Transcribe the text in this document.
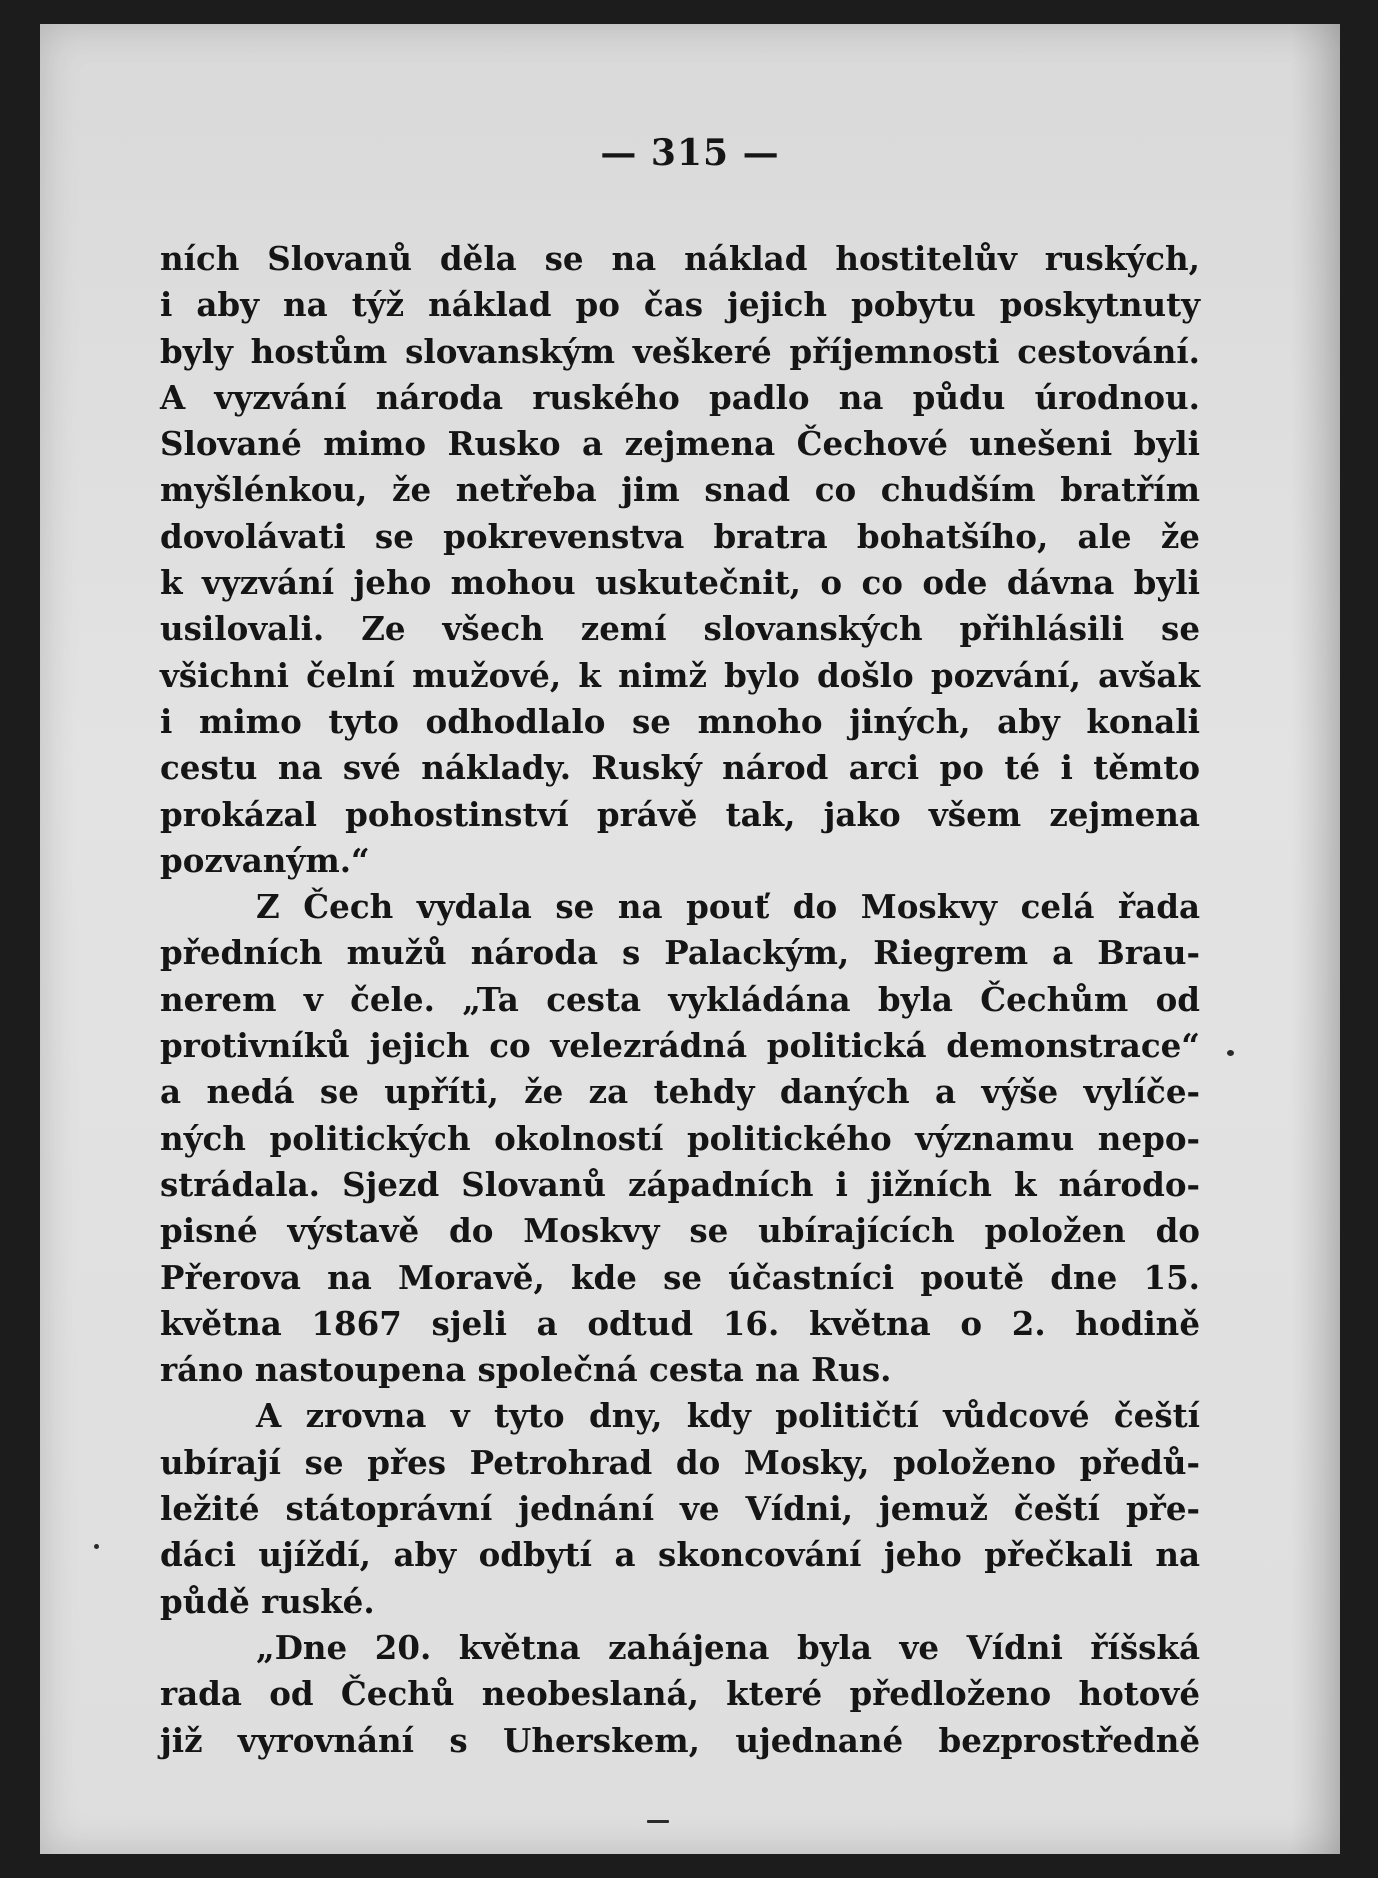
— 315 —
ních Slovanů děla se na náklad hostitelův ruských,
i aby na týž náklad po čas jejich pobytu poskytnuty
byly hostům slovanským veškeré příjemnosti cestování.
A vyzvání národa ruského padlo na půdu úrodnou.
Slované mimo Rusko a zejmena Čechové unešeni byli
myšlénkou, že netřeba jim snad co chudším bratřím
dovolávati se pokrevenstva bratra bohatšího, ale že
k vyzvání jeho mohou uskutečnit, o co ode dávna byli
usilovali. Ze všech zemí slovanských přihlásili se
všichni čelní mužové, k nimž bylo došlo pozvání, avšak
i mimo tyto odhodlalo se mnoho jiných, aby konali
cestu na své náklady. Ruský národ arci po té i těmto
prokázal pohostinství právě tak, jako všem zejmena
pozvaným.“
Z Čech vydala se na pouť do Moskvy celá řada
předních mužů národa s Palackým, Riegrem a Brau-
nerem v čele. „Ta cesta vykládána byla Čechům od
protivníků jejich co velezrádná politická demonstrace“
a nedá se upříti, že za tehdy daných a výše vylíče-
ných politických okolností politického významu nepo-
strádala. Sjezd Slovanů západních i jižních k národo-
pisné výstavě do Moskvy se ubírajících položen do
Přerova na Moravě, kde se účastníci poutě dne 15.
května 1867 sjeli a odtud 16. května o 2. hodině
ráno nastoupena společná cesta na Rus.
A zrovna v tyto dny, kdy političtí vůdcové čeští
ubírají se přes Petrohrad do Mosky, položeno předů-
ležité státoprávní jednání ve Vídni, jemuž čeští pře-
dáci ujíždí, aby odbytí a skoncování jeho přečkali na
půdě ruské.
„Dne 20. května zahájena byla ve Vídni říšská
rada od Čechů neobeslaná, které předloženo hotové
již vyrovnání s Uherskem, ujednané bezprostředně
